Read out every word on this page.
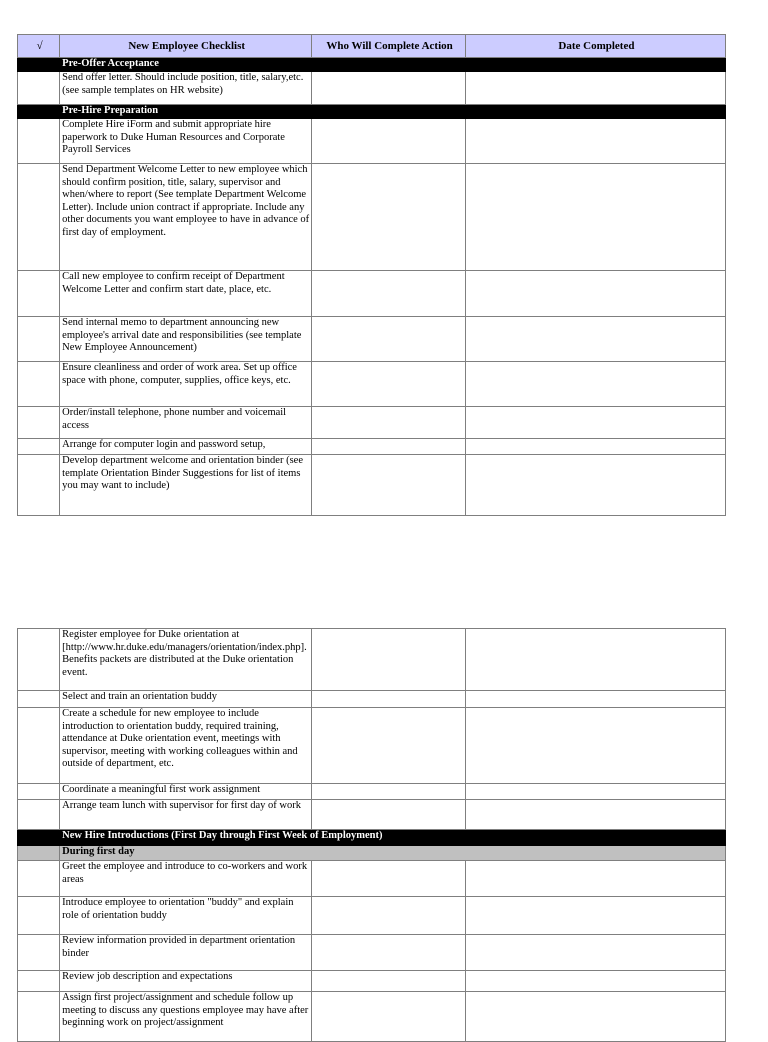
√	New Employee Checklist	Who Will Complete Action	Date Completed
	Pre-Offer Acceptance		
	Send offer letter. Should include position, title, salary,etc. (see sample templates on HR website)		
	Pre-Hire Preparation		
	Complete Hire iForm and submit appropriate hire paperwork to Duke Human Resources and Corporate Payroll Services		
	Send Department Welcome Letter to new employee which should confirm position, title, salary, supervisor and when/where to report (See template Department Welcome Letter). Include union contract if appropriate. Include any other documents you want employee to have in advance of first day of employment.		
	Call new employee to confirm receipt of Department Welcome Letter and confirm start date, place, etc.		
	Send internal memo to department announcing new employee's arrival date and responsibilities (see template New Employee Announcement)		
	Ensure cleanliness and order of work area. Set up office space with phone, computer, supplies, office keys, etc.		
	Order/install telephone, phone number and voicemail access		
	Arrange for computer login and password setup,		
	Develop department welcome and orientation binder (see template Orientation Binder Suggestions for list of items you may want to include)		
	Register employee for Duke orientation at [http://www.hr.duke.edu/managers/orientation/index.php]. Benefits packets are distributed at the Duke orientation event.		
	Select and train an orientation buddy		
	Create a schedule for new employee to include introduction to orientation buddy, required training, attendance at Duke orientation event, meetings with supervisor, meeting with working colleagues within and outside of department, etc.		
	Coordinate a meaningful first work assignment		
	Arrange team lunch with supervisor for first day of work		
	New Hire Introductions (First Day through First Week of Employment)		
	During first day		
	Greet the employee and introduce to co-workers and work areas		
	Introduce employee to orientation "buddy" and explain role of orientation buddy		
	Review information provided in department orientation binder		
	Review job description and expectations		
	Assign first project/assignment and schedule follow up meeting to discuss any questions employee may have after beginning work on project/assignment		
